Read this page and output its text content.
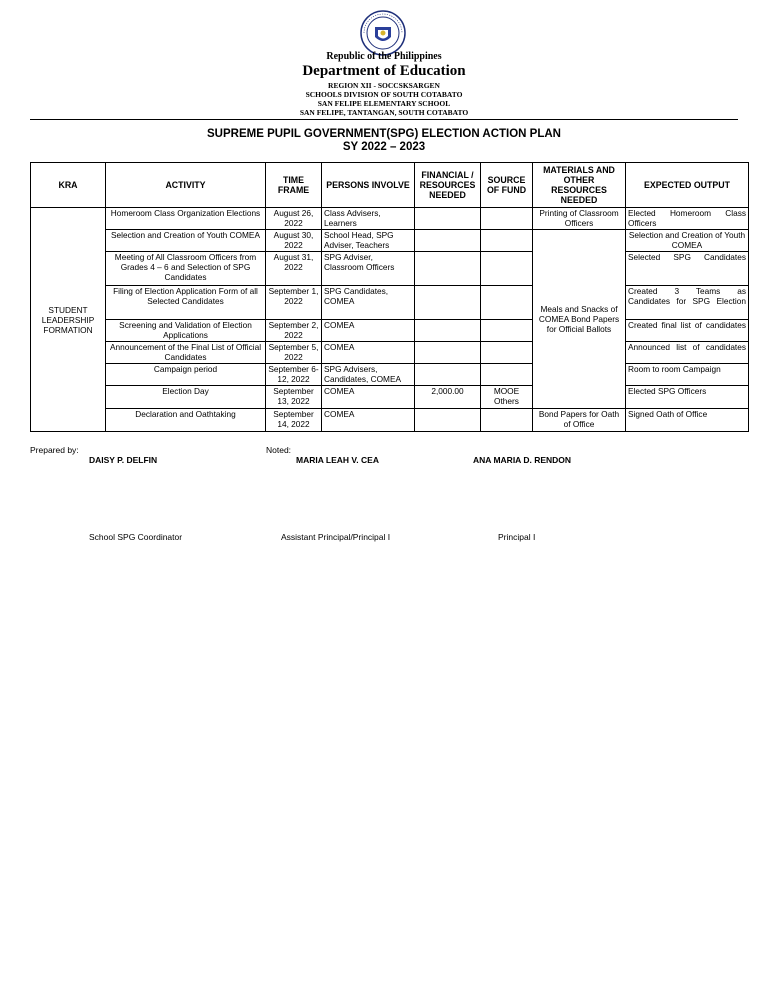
Republic of the Philippines
Department of Education
REGION XII - SOCCSKSARGEN
SCHOOLS DIVISION OF SOUTH COTABATO
SAN FELIPE ELEMENTARY SCHOOL
SAN FELIPE, TANTANGAN, SOUTH COTABATO
SUPREME PUPIL GOVERNMENT(SPG) ELECTION ACTION PLAN
SY 2022 – 2023
KRA	ACTIVITY	TIME FRAME	PERSONS INVOLVE	FINANCIAL / RESOURCES NEEDED	SOURCE OF FUND	MATERIALS AND OTHER RESOURCES NEEDED	EXPECTED OUTPUT
STUDENT LEADERSHIP FORMATION	Homeroom Class Organization Elections	August 26, 2022	Class Advisers, Learners			Printing of Classroom Officers	Elected Homeroom Class Officers
	Selection and Creation of Youth COMEA	August 30, 2022	School Head, SPG Adviser, Teachers			Meals and Snacks of COMEA Bond Papers for Official Ballots	Selection and Creation of Youth COMEA
	Meeting of All Classroom Officers from Grades 4 – 6 and Selection of SPG Candidates	August 31, 2022	SPG Adviser, Classroom Officers				Selected SPG Candidates
	Filing of Election Application Form of all Selected Candidates	September 1, 2022	SPG Candidates, COMEA				Created 3 Teams as Candidates for SPG Election
	Screening and Validation of Election Applications	September 2, 2022	COMEA				Created final list of candidates
	Announcement of the Final List of Official Candidates	September 5, 2022	COMEA				Announced list of candidates
	Campaign period	September 6-12, 2022	SPG Advisers, Candidates, COMEA				Room to room Campaign
	Election Day	September 13, 2022	COMEA	2,000.00	MOOE Others		Elected SPG Officers
	Declaration and Oathtaking	September 14, 2022	COMEA			Bond Papers for Oath of Office	Signed Oath of Office
Prepared by:	Noted:
DAISY P. DELFIN	MARIA LEAH V. CEA	ANA MARIA D. RENDON
School SPG Coordinator	Assistant Principal/Principal I	Principal I
